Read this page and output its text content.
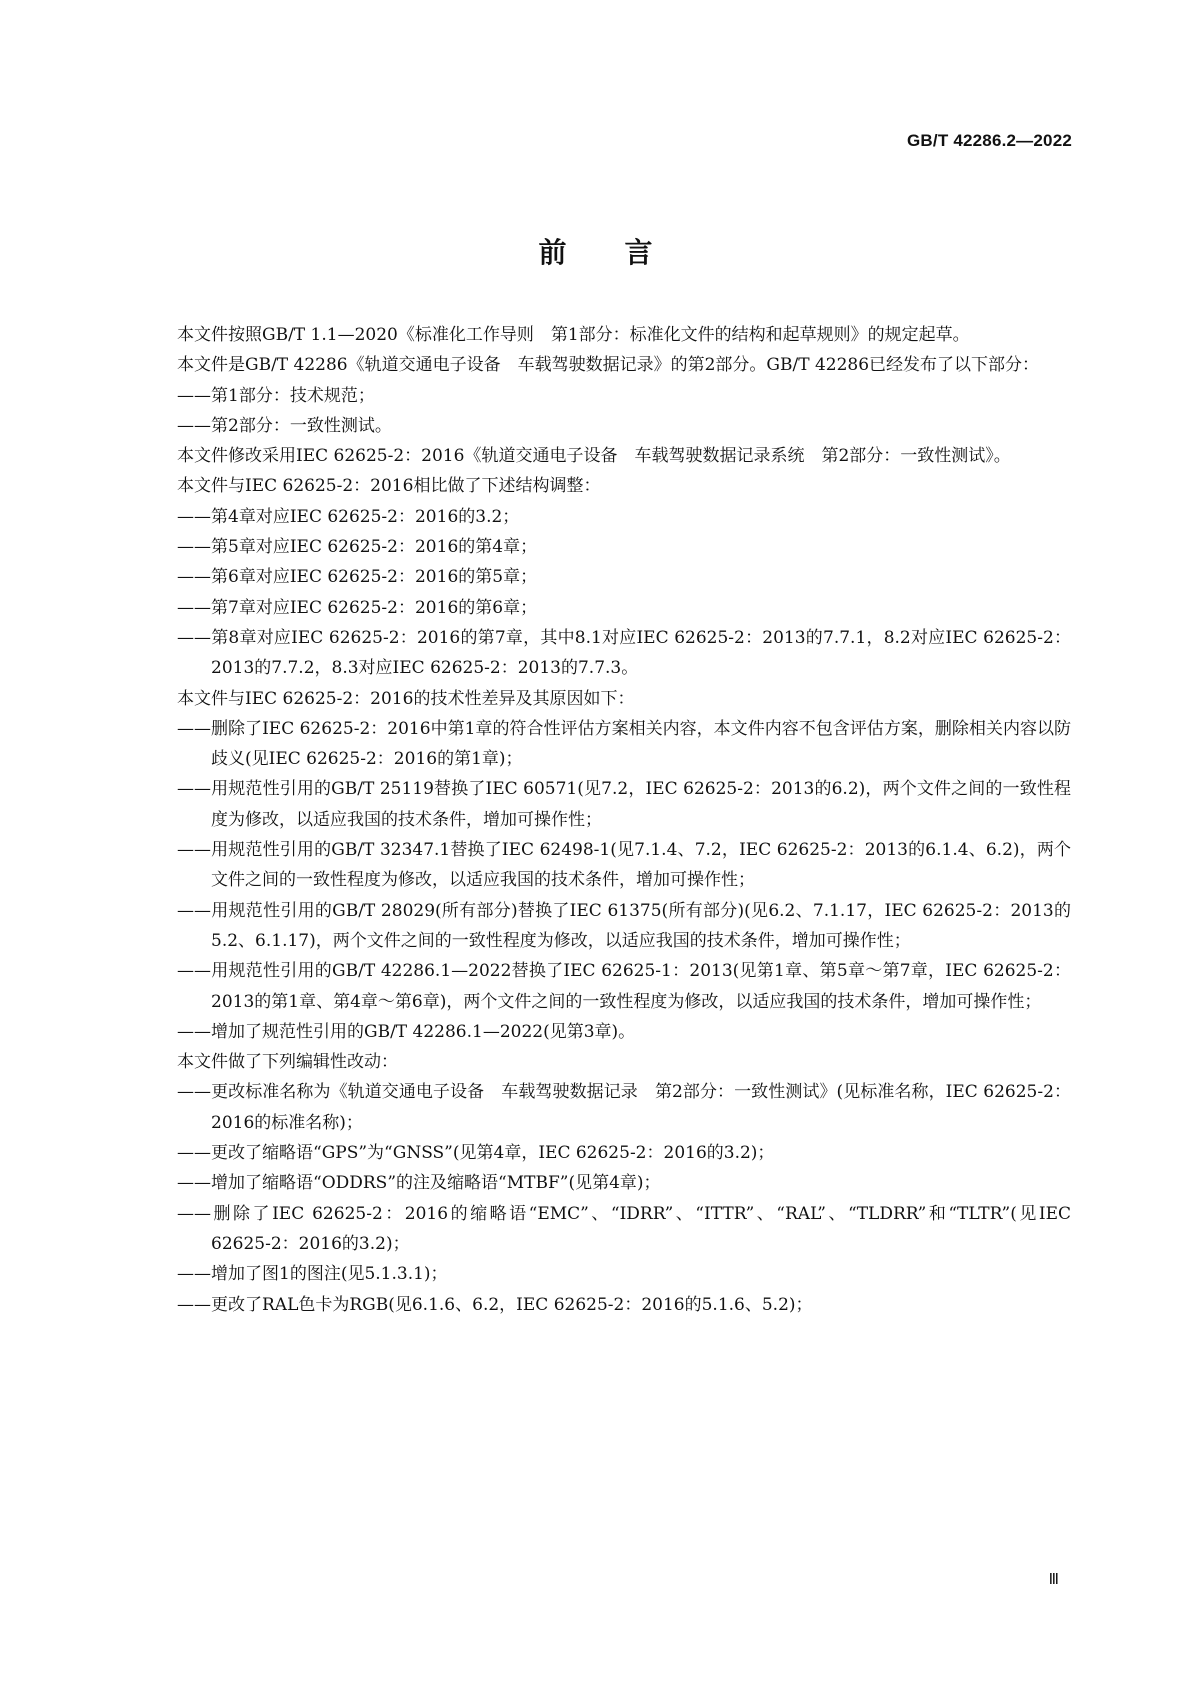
GB/T 42286.2—2022
前言

本文件按照GB/T 1.1—2020《标准化工作导则　第1部分：标准化文件的结构和起草规则》的规定起草。

本文件是GB/T 42286《轨道交通电子设备　车载驾驶数据记录》的第2部分。GB/T 42286已经发布了以下部分：

——第1部分：技术规范；

——第2部分：一致性测试。

本文件修改采用IEC 62625-2：2016《轨道交通电子设备　车载驾驶数据记录系统　第2部分：一致性测试》。

本文件与IEC 62625-2：2016相比做了下述结构调整：

——第4章对应IEC 62625-2：2016的3.2；

——第5章对应IEC 62625-2：2016的第4章；

——第6章对应IEC 62625-2：2016的第5章；

——第7章对应IEC 62625-2：2016的第6章；

——第8章对应IEC 62625-2：2016的第7章，其中8.1对应IEC 62625-2：2013的7.7.1，8.2对应IEC 62625-2：2013的7.7.2，8.3对应IEC 62625-2：2013的7.7.3。

本文件与IEC 62625-2：2016的技术性差异及其原因如下：

——删除了IEC 62625-2：2016中第1章的符合性评估方案相关内容，本文件内容不包含评估方案，删除相关内容以防歧义(见IEC 62625-2：2016的第1章)；

——用规范性引用的GB/T 25119替换了IEC 60571(见7.2，IEC 62625-2：2013的6.2)，两个文件之间的一致性程度为修改，以适应我国的技术条件，增加可操作性；

——用规范性引用的GB/T 32347.1替换了IEC 62498-1(见7.1.4、7.2，IEC 62625-2：2013的6.1.4、6.2)，两个文件之间的一致性程度为修改，以适应我国的技术条件，增加可操作性；

——用规范性引用的GB/T 28029(所有部分)替换了IEC 61375(所有部分)(见6.2、7.1.17，IEC 62625-2：2013的5.2、6.1.17)，两个文件之间的一致性程度为修改，以适应我国的技术条件，增加可操作性；

——用规范性引用的GB/T 42286.1—2022替换了IEC 62625-1：2013(见第1章、第5章～第7章，IEC 62625-2：2013的第1章、第4章～第6章)，两个文件之间的一致性程度为修改，以适应我国的技术条件，增加可操作性；

——增加了规范性引用的GB/T 42286.1—2022(见第3章)。

本文件做了下列编辑性改动：

——更改标准名称为《轨道交通电子设备　车载驾驶数据记录　第2部分：一致性测试》(见标准名称，IEC 62625-2：2016的标准名称)；

——更改了缩略语“GPS”为“GNSS”(见第4章，IEC 62625-2：2016的3.2)；

——增加了缩略语“ODDRS”的注及缩略语“MTBF”(见第4章)；

——删除了IEC 62625-2：2016的缩略语“EMC”、“IDRR”、“ITTR”、“RAL”、“TLDRR”和“TLTR”(见IEC 62625-2：2016的3.2)；

——增加了图1的图注(见5.1.3.1)；

——更改了RAL色卡为RGB(见6.1.6、6.2，IEC 62625-2：2016的5.1.6、5.2)；

Ⅲ
